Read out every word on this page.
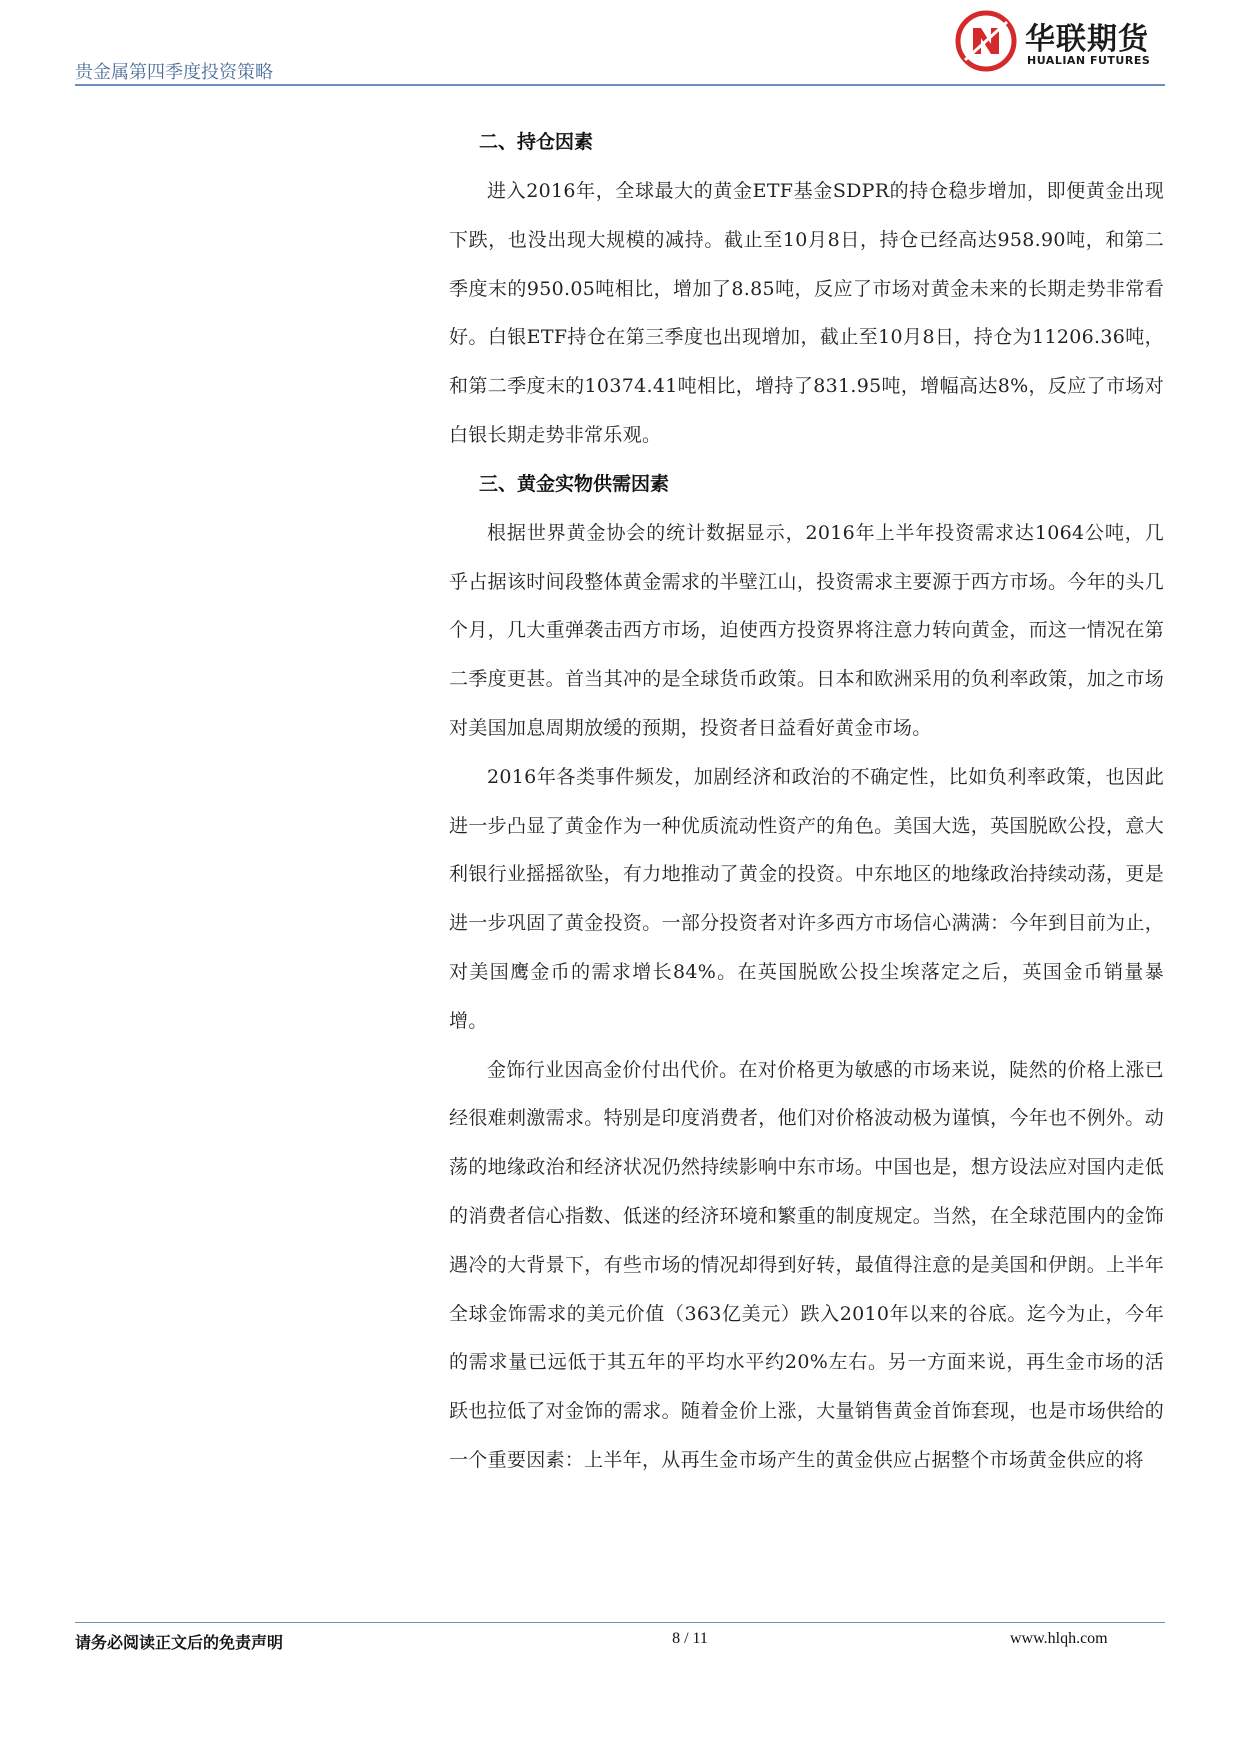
贵金属第四季度投资策略
华联期货
HUALIAN FUTURES
二、持仓因素

进入2016年，全球最大的黄金ETF基金SDPR的持仓稳步增加，即便黄金出现下跌，也没出现大规模的减持。截止至10月8日，持仓已经高达958.90吨，和第二季度末的950.05吨相比，增加了8.85吨，反应了市场对黄金未来的长期走势非常看好。白银ETF持仓在第三季度也出现增加，截止至10月8日，持仓为11206.36吨，和第二季度末的10374.41吨相比，增持了831.95吨，增幅高达8%，反应了市场对白银长期走势非常乐观。

三、黄金实物供需因素

根据世界黄金协会的统计数据显示，2016年上半年投资需求达1064公吨，几乎占据该时间段整体黄金需求的半壁江山，投资需求主要源于西方市场。今年的头几个月，几大重弹袭击西方市场，迫使西方投资界将注意力转向黄金，而这一情况在第二季度更甚。首当其冲的是全球货币政策。日本和欧洲采用的负利率政策，加之市场对美国加息周期放缓的预期，投资者日益看好黄金市场。

2016年各类事件频发，加剧经济和政治的不确定性，比如负利率政策，也因此进一步凸显了黄金作为一种优质流动性资产的角色。美国大选，英国脱欧公投，意大利银行业摇摇欲坠，有力地推动了黄金的投资。中东地区的地缘政治持续动荡，更是进一步巩固了黄金投资。一部分投资者对许多西方市场信心满满：今年到目前为止，对美国鹰金币的需求增长84%。在英国脱欧公投尘埃落定之后，英国金币销量暴增。

金饰行业因高金价付出代价。在对价格更为敏感的市场来说，陡然的价格上涨已经很难刺激需求。特别是印度消费者，他们对价格波动极为谨慎，今年也不例外。动荡的地缘政治和经济状况仍然持续影响中东市场。中国也是，想方设法应对国内走低的消费者信心指数、低迷的经济环境和繁重的制度规定。当然，在全球范围内的金饰遇冷的大背景下，有些市场的情况却得到好转，最值得注意的是美国和伊朗。上半年全球金饰需求的美元价值（363亿美元）跌入2010年以来的谷底。迄今为止，今年的需求量已远低于其五年的平均水平约20%左右。另一方面来说，再生金市场的活跃也拉低了对金饰的需求。随着金价上涨，大量销售黄金首饰套现，也是市场供给的一个重要因素：上半年，从再生金市场产生的黄金供应占据整个市场黄金供应的将

请务必阅读正文后的免责声明	8 / 11	www.hlqh.com
